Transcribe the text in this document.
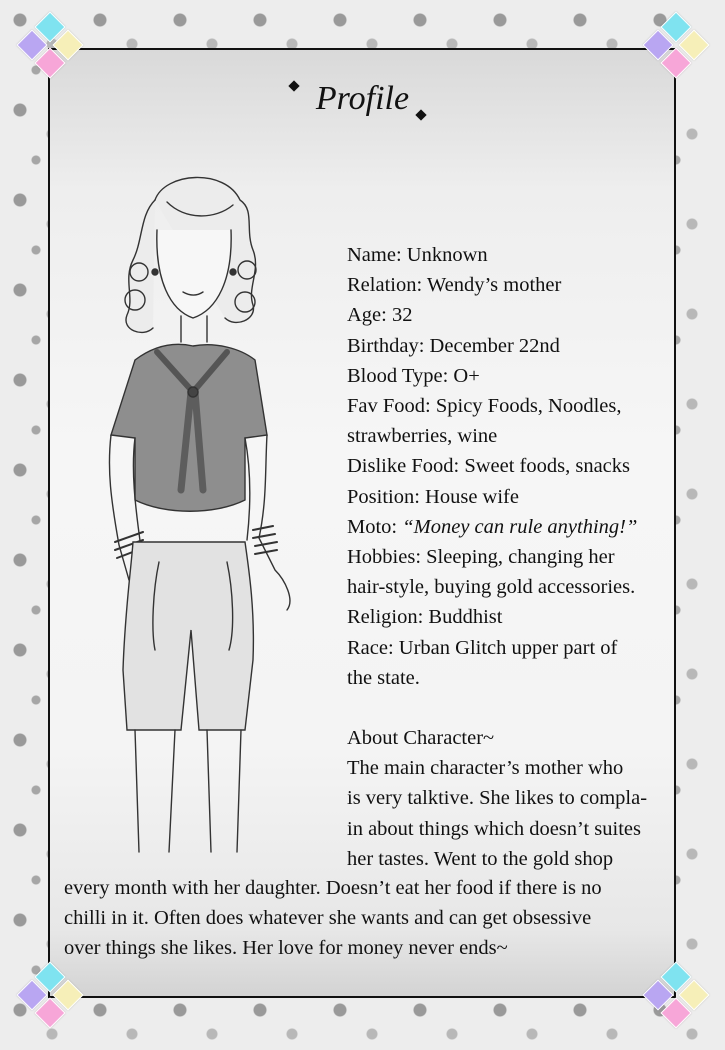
Profile
Name: Unknown
Relation: Wendy’s mother
Age: 32
Birthday: December 22nd
Blood Type: O+
Fav Food: Spicy Foods, Noodles,
strawberries, wine
Dislike Food: Sweet foods, snacks
Position: House wife
Moto: “Money can rule anything!”
Hobbies: Sleeping, changing her
hair-style, buying gold accessories.
Religion: Buddhist
Race: Urban Glitch upper part of
the state.
About Character~
The main character’s mother who
is very talktive. She likes to compla-
in about things which doesn’t suites
her tastes. Went to the gold shop
every month with her daughter. Doesn’t eat her food if there is no
chilli in it. Often does whatever she wants and can get obsessive
over things she likes. Her love for money never ends~
